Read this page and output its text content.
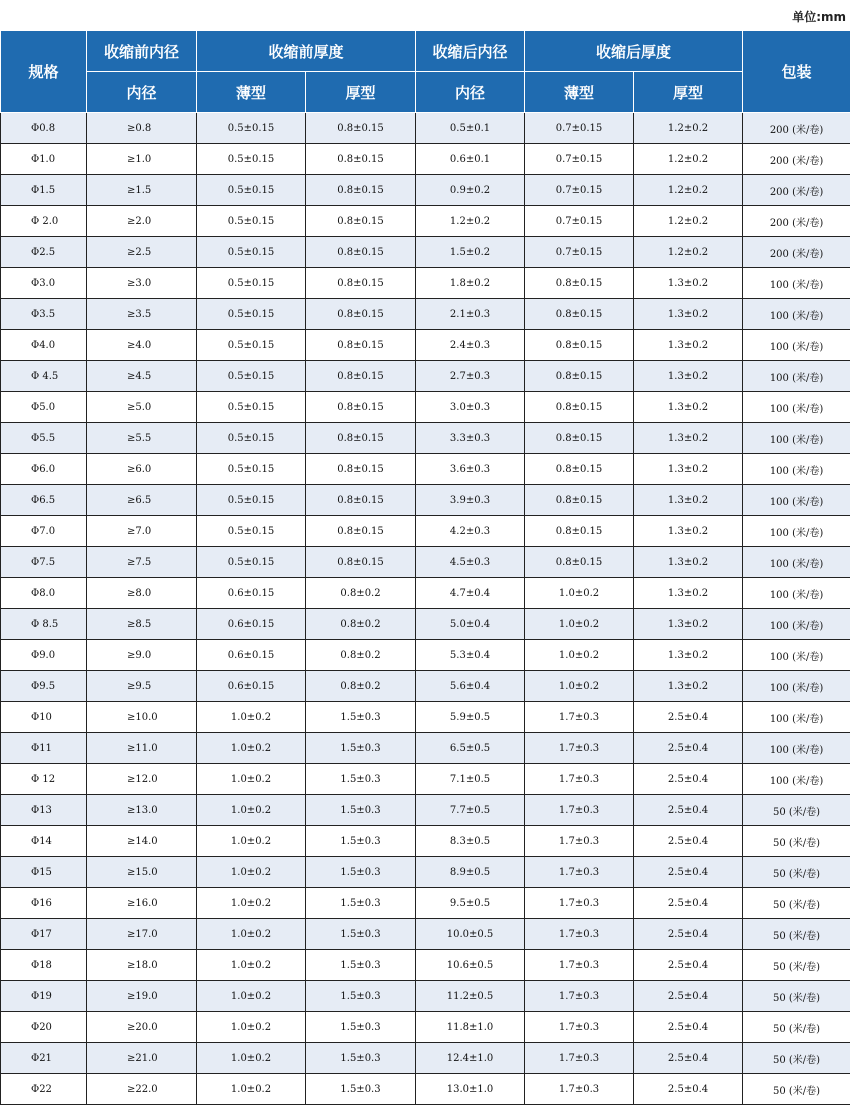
单位:mm
规格	收缩前内径	收缩前厚度		收缩后内径	收缩后厚度		包装
	内径	薄型	厚型	内径	薄型	厚型	
Φ0.8	≥0.8	0.5±0.15	0.8±0.15	0.5±0.1	0.7±0.15	1.2±0.2	200 (米/卷)
Φ1.0	≥1.0	0.5±0.15	0.8±0.15	0.6±0.1	0.7±0.15	1.2±0.2	200 (米/卷)
Φ1.5	≥1.5	0.5±0.15	0.8±0.15	0.9±0.2	0.7±0.15	1.2±0.2	200 (米/卷)
Φ 2.0	≥2.0	0.5±0.15	0.8±0.15	1.2±0.2	0.7±0.15	1.2±0.2	200 (米/卷)
Φ2.5	≥2.5	0.5±0.15	0.8±0.15	1.5±0.2	0.7±0.15	1.2±0.2	200 (米/卷)
Φ3.0	≥3.0	0.5±0.15	0.8±0.15	1.8±0.2	0.8±0.15	1.3±0.2	100 (米/卷)
Φ3.5	≥3.5	0.5±0.15	0.8±0.15	2.1±0.3	0.8±0.15	1.3±0.2	100 (米/卷)
Φ4.0	≥4.0	0.5±0.15	0.8±0.15	2.4±0.3	0.8±0.15	1.3±0.2	100 (米/卷)
Φ 4.5	≥4.5	0.5±0.15	0.8±0.15	2.7±0.3	0.8±0.15	1.3±0.2	100 (米/卷)
Φ5.0	≥5.0	0.5±0.15	0.8±0.15	3.0±0.3	0.8±0.15	1.3±0.2	100 (米/卷)
Φ5.5	≥5.5	0.5±0.15	0.8±0.15	3.3±0.3	0.8±0.15	1.3±0.2	100 (米/卷)
Φ6.0	≥6.0	0.5±0.15	0.8±0.15	3.6±0.3	0.8±0.15	1.3±0.2	100 (米/卷)
Φ6.5	≥6.5	0.5±0.15	0.8±0.15	3.9±0.3	0.8±0.15	1.3±0.2	100 (米/卷)
Φ7.0	≥7.0	0.5±0.15	0.8±0.15	4.2±0.3	0.8±0.15	1.3±0.2	100 (米/卷)
Φ7.5	≥7.5	0.5±0.15	0.8±0.15	4.5±0.3	0.8±0.15	1.3±0.2	100 (米/卷)
Φ8.0	≥8.0	0.6±0.15	0.8±0.2	4.7±0.4	1.0±0.2	1.3±0.2	100 (米/卷)
Φ 8.5	≥8.5	0.6±0.15	0.8±0.2	5.0±0.4	1.0±0.2	1.3±0.2	100 (米/卷)
Φ9.0	≥9.0	0.6±0.15	0.8±0.2	5.3±0.4	1.0±0.2	1.3±0.2	100 (米/卷)
Φ9.5	≥9.5	0.6±0.15	0.8±0.2	5.6±0.4	1.0±0.2	1.3±0.2	100 (米/卷)
Φ10	≥10.0	1.0±0.2	1.5±0.3	5.9±0.5	1.7±0.3	2.5±0.4	100 (米/卷)
Φ11	≥11.0	1.0±0.2	1.5±0.3	6.5±0.5	1.7±0.3	2.5±0.4	100 (米/卷)
Φ 12	≥12.0	1.0±0.2	1.5±0.3	7.1±0.5	1.7±0.3	2.5±0.4	100 (米/卷)
Φ13	≥13.0	1.0±0.2	1.5±0.3	7.7±0.5	1.7±0.3	2.5±0.4	50 (米/卷)
Φ14	≥14.0	1.0±0.2	1.5±0.3	8.3±0.5	1.7±0.3	2.5±0.4	50 (米/卷)
Φ15	≥15.0	1.0±0.2	1.5±0.3	8.9±0.5	1.7±0.3	2.5±0.4	50 (米/卷)
Φ16	≥16.0	1.0±0.2	1.5±0.3	9.5±0.5	1.7±0.3	2.5±0.4	50 (米/卷)
Φ17	≥17.0	1.0±0.2	1.5±0.3	10.0±0.5	1.7±0.3	2.5±0.4	50 (米/卷)
Φ18	≥18.0	1.0±0.2	1.5±0.3	10.6±0.5	1.7±0.3	2.5±0.4	50 (米/卷)
Φ19	≥19.0	1.0±0.2	1.5±0.3	11.2±0.5	1.7±0.3	2.5±0.4	50 (米/卷)
Φ20	≥20.0	1.0±0.2	1.5±0.3	11.8±1.0	1.7±0.3	2.5±0.4	50 (米/卷)
Φ21	≥21.0	1.0±0.2	1.5±0.3	12.4±1.0	1.7±0.3	2.5±0.4	50 (米/卷)
Φ22	≥22.0	1.0±0.2	1.5±0.3	13.0±1.0	1.7±0.3	2.5±0.4	50 (米/卷)
